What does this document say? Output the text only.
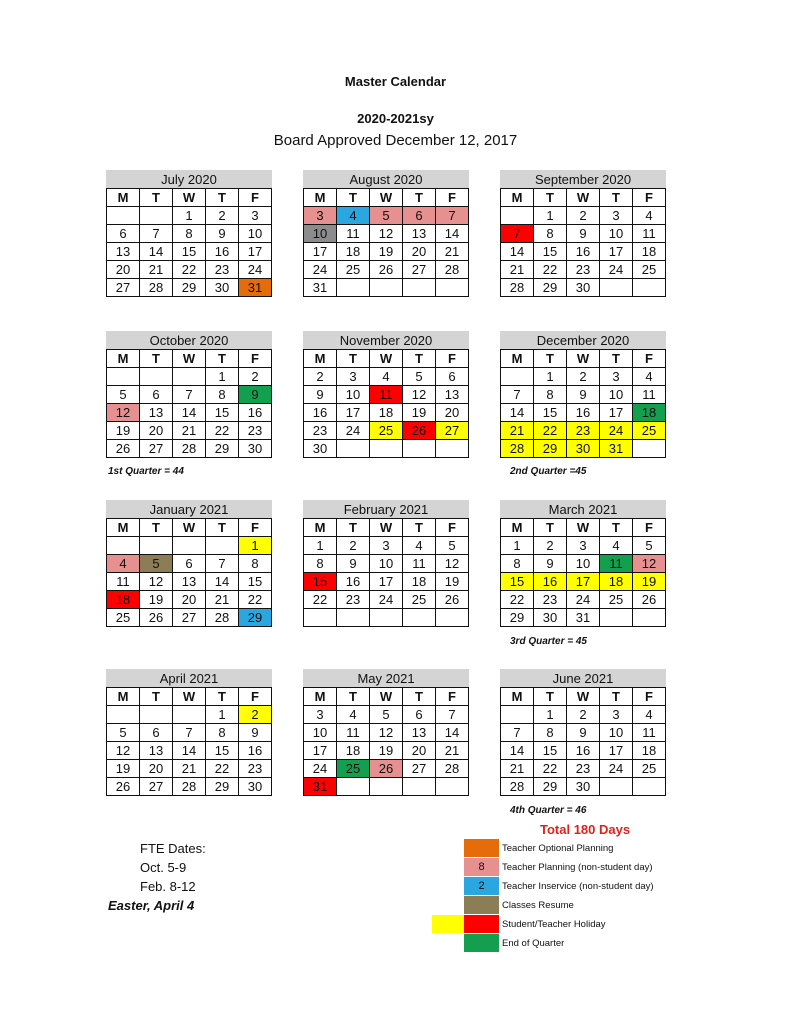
Master Calendar
2020-2021sy
Board Approved December 12, 2017
July 2020
M	T	W	T	F
		1	2	3
6	7	8	9	10
13	14	15	16	17
20	21	22	23	24
27	28	29	30	31
August 2020
M	T	W	T	F
3	4	5	6	7
10	11	12	13	14
17	18	19	20	21
24	25	26	27	28
31				
September 2020
M	T	W	T	F
	1	2	3	4
7	8	9	10	11
14	15	16	17	18
21	22	23	24	25
28	29	30		
October 2020
M	T	W	T	F
			1	2
5	6	7	8	9
12	13	14	15	16
19	20	21	22	23
26	27	28	29	30
November 2020
M	T	W	T	F
2	3	4	5	6
9	10	11	12	13
16	17	18	19	20
23	24	25	26	27
30				
December 2020
M	T	W	T	F
	1	2	3	4
7	8	9	10	11
14	15	16	17	18
21	22	23	24	25
28	29	30	31	
January 2021
M	T	W	T	F
				1
4	5	6	7	8
11	12	13	14	15
18	19	20	21	22
25	26	27	28	29
February 2021
M	T	W	T	F
1	2	3	4	5
8	9	10	11	12
15	16	17	18	19
22	23	24	25	26

March 2021
M	T	W	T	F
1	2	3	4	5
8	9	10	11	12
15	16	17	18	19
22	23	24	25	26
29	30	31		
April 2021
M	T	W	T	F
			1	2
5	6	7	8	9
12	13	14	15	16
19	20	21	22	23
26	27	28	29	30
May 2021
M	T	W	T	F
3	4	5	6	7
10	11	12	13	14
17	18	19	20	21
24	25	26	27	28
31				
June 2021
M	T	W	T	F
	1	2	3	4
7	8	9	10	11
14	15	16	17	18
21	22	23	24	25
28	29	30		
1st Quarter = 44	2nd Quarter =45
3rd Quarter = 45
4th Quarter = 46
FTE Dates:
Oct. 5-9
Feb. 8-12
Easter, April 4
Total 180 Days
Teacher Optional Planning
8	Teacher Planning (non-student day)
2	Teacher Inservice (non-student day)
Classes Resume
Student/Teacher Holiday
End of Quarter
